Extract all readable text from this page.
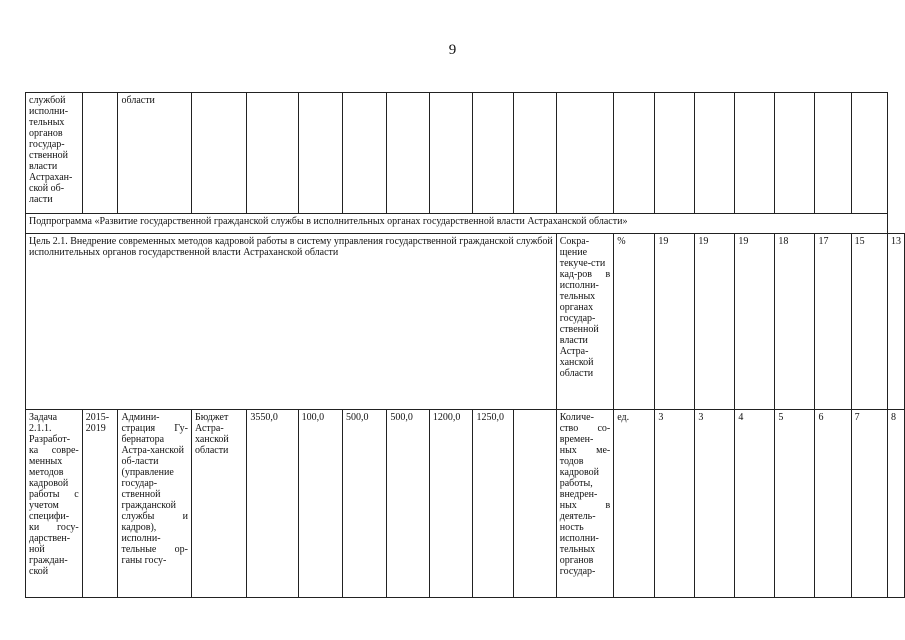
9
службой исполни-тельных органов государ-ственной власти Астрахан-ской об-ласти		области																	
Подпрограмма «Развитие государственной гражданской службы в исполнительных органах государственной власти Астраханской области»																			
Цель 2.1. Внедрение современных методов кадровой работы в систему управления государственной гражданской службой исполнительных органов государственной власти Астраханской области											Сокра-щение текуче-сти кад-ров в исполни-тельных органах государ-ственной власти Астра-ханской области	%	19	19	19	18	17	15	13
Задача 2.1.1. Разработ-ка совре-менных методов кадровой работы с учетом специфи-ки госу-дарствен-ной граждан-ской	2015-2019	Админи-страция Гу-бернатора Астра-ханской об-ласти (управление государ-ственной гражданской службы и кадров), исполни-тельные ор-ганы госу-	Бюджет Астра-ханской области	3550,0	100,0	500,0	500,0	1200,0	1250,0		Количе-ство со-времен-ных ме-тодов кадровой работы, внедрен-ных в деятель-ность исполни-тельных органов государ-	ед.	3	3	4	5	6	7	8
